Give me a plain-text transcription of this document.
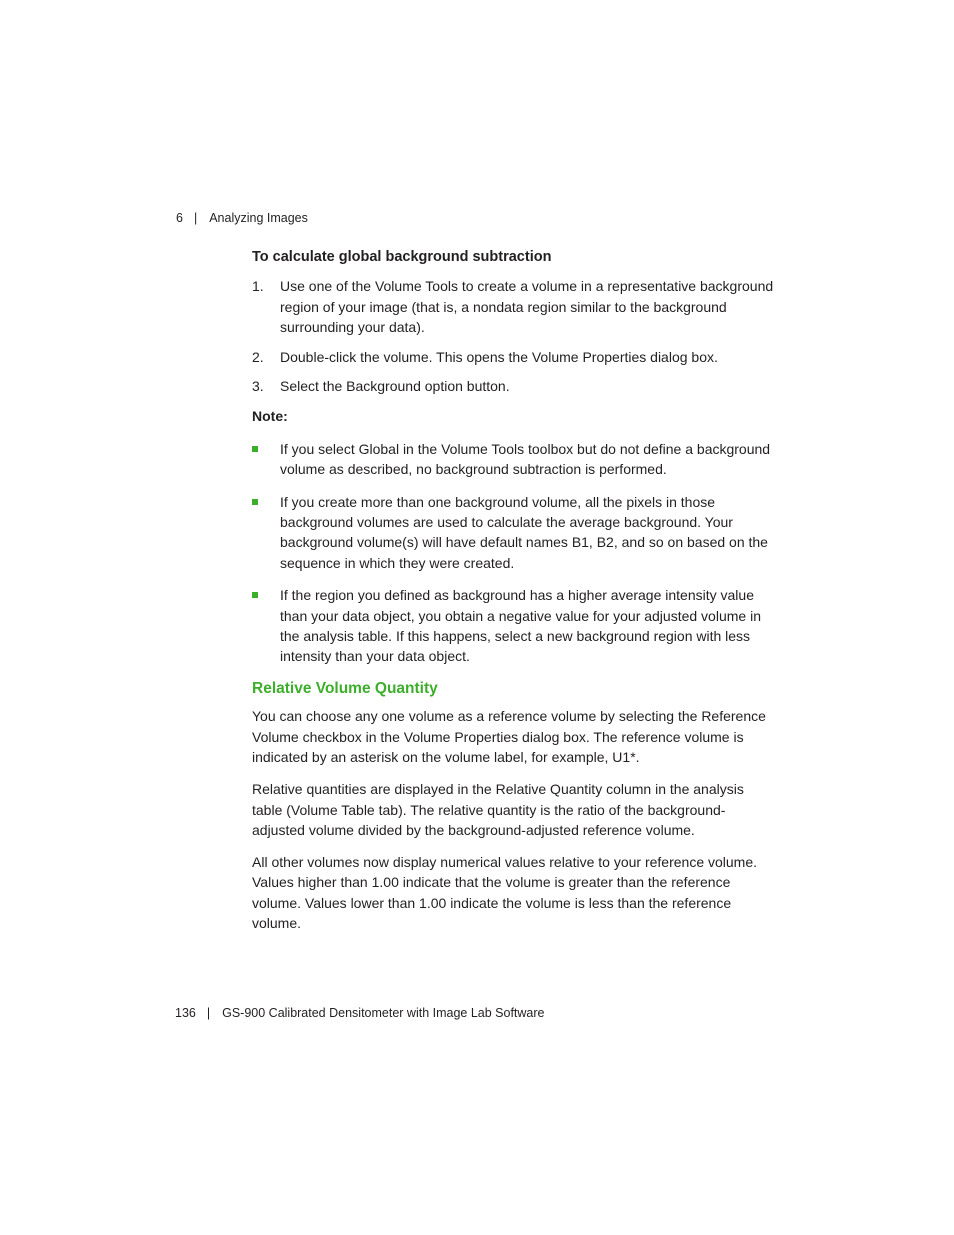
6 | Analyzing Images
To calculate global background subtraction
1. Use one of the Volume Tools to create a volume in a representative background region of your image (that is, a nondata region similar to the background surrounding your data).
2. Double-click the volume. This opens the Volume Properties dialog box.
3. Select the Background option button.
Note:
If you select Global in the Volume Tools toolbox but do not define a background volume as described, no background subtraction is performed.
If you create more than one background volume, all the pixels in those background volumes are used to calculate the average background. Your background volume(s) will have default names B1, B2, and so on based on the sequence in which they were created.
If the region you defined as background has a higher average intensity value than your data object, you obtain a negative value for your adjusted volume in the analysis table. If this happens, select a new background region with less intensity than your data object.
Relative Volume Quantity

You can choose any one volume as a reference volume by selecting the Reference Volume checkbox in the Volume Properties dialog box. The reference volume is indicated by an asterisk on the volume label, for example, U1*.

Relative quantities are displayed in the Relative Quantity column in the analysis table (Volume Table tab). The relative quantity is the ratio of the background-adjusted volume divided by the background-adjusted reference volume.

All other volumes now display numerical values relative to your reference volume. Values higher than 1.00 indicate that the volume is greater than the reference volume. Values lower than 1.00 indicate the volume is less than the reference volume.

136 | GS-900 Calibrated Densitometer with Image Lab Software
